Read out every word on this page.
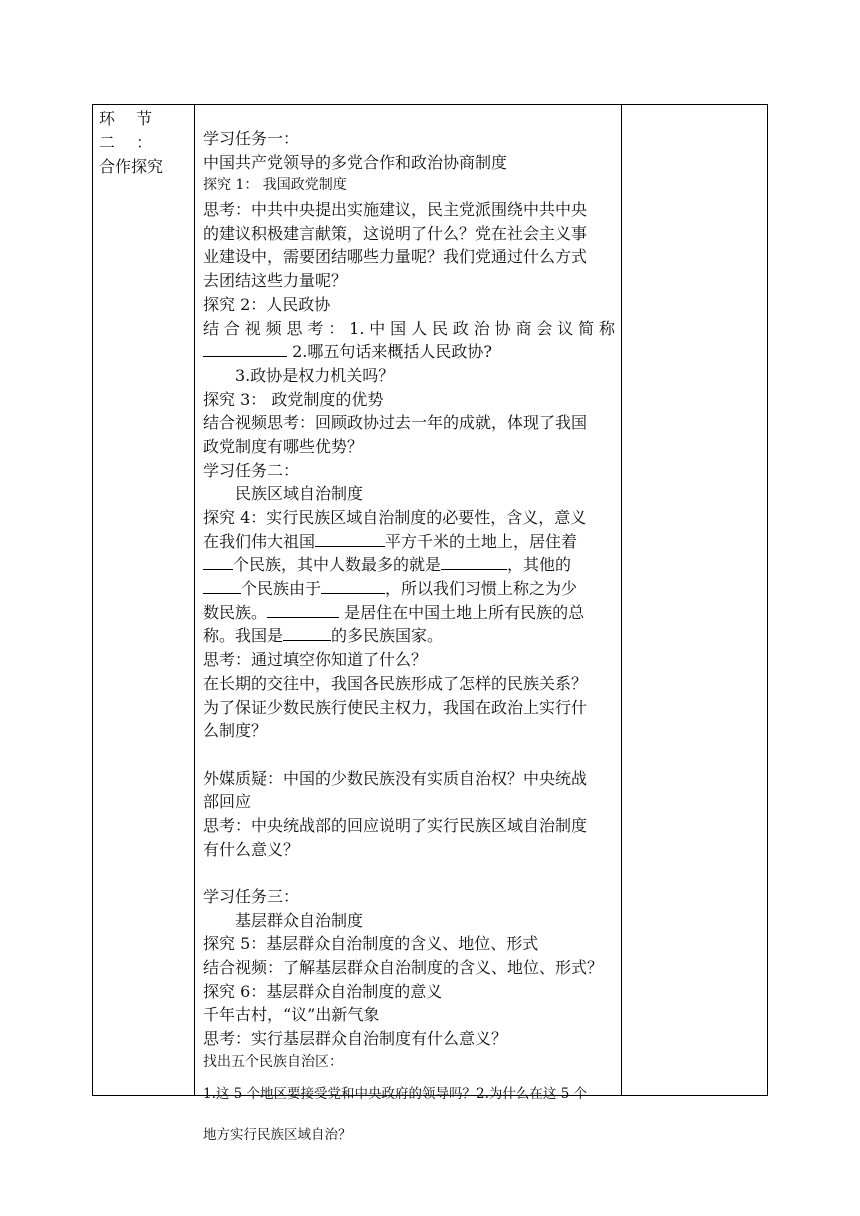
环 节 二 ：
合作探究
学习任务一：
中国共产党领导的多党合作和政治协商制度
探究 1： 我国政党制度
思考：中共中央提出实施建议，民主党派围绕中共中央
的建议积极建言献策，这说明了什么？党在社会主义事
业建设中，需要团结哪些力量呢？我们党通过什么方式
去团结这些力量呢？
探究 2：人民政协
结合视频思考：1.中国人民政治协商会议简称
2.哪五句话来概括人民政协?
3.政协是权力机关吗？
探究 3： 政党制度的优势
结合视频思考：回顾政协过去一年的成就，体现了我国
政党制度有哪些优势？
学习任务二：
民族区域自治制度
探究 4：实行民族区域自治制度的必要性，含义，意义
在我们伟大祖国	平方千米的土地上，居住着
个民族，其中人数最多的就是	，其他的
个民族由于	，所以我们习惯上称之为少
数民族。	是居住在中国土地上所有民族的总
称。我国是	的多民族国家。
思考：通过填空你知道了什么？
在长期的交往中，我国各民族形成了怎样的民族关系？
为了保证少数民族行使民主权力，我国在政治上实行什
么制度？
外媒质疑：中国的少数民族没有实质自治权？中央统战
部回应
思考：中央统战部的回应说明了实行民族区域自治制度
有什么意义？
学习任务三：
基层群众自治制度
探究 5：基层群众自治制度的含义、地位、形式
结合视频：了解基层群众自治制度的含义、地位、形式？
探究 6：基层群众自治制度的意义
千年古村，“议”出新气象
思考：实行基层群众自治制度有什么意义？
找出五个民族自治区：
1.这 5 个地区要接受党和中央政府的领导吗？2.为什么在这 5 个
地方实行民族区域自治？
